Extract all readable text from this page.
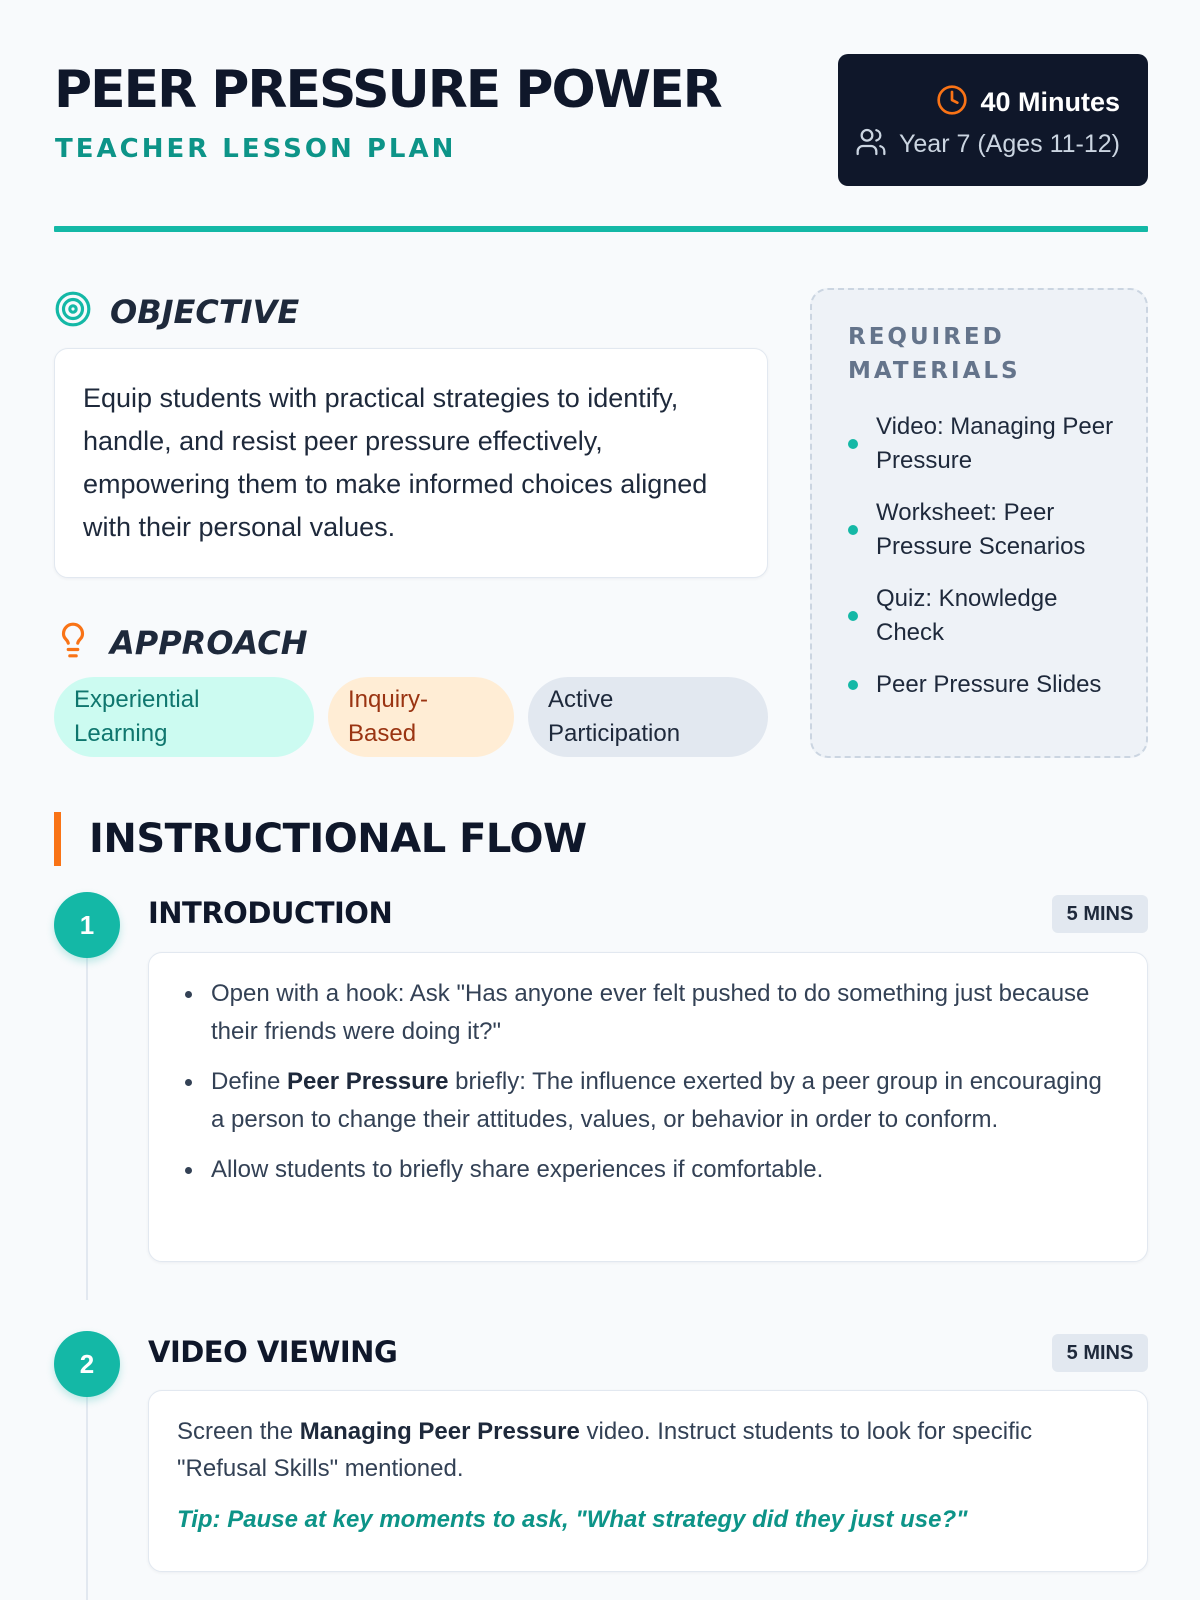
PEER PRESSURE POWER
TEACHER LESSON PLAN
40 Minutes
Year 7 (Ages 11-12)
OBJECTIVE

Equip students with practical strategies to identify, handle, and resist peer pressure effectively, empowering them to make informed choices aligned with their personal values.

APPROACH
Experiential Learning
Inquiry-Based
Active Participation
REQUIRED MATERIALS
Video: Managing Peer Pressure
Worksheet: Peer Pressure Scenarios
Quiz: Knowledge Check
Peer Pressure Slides
INSTRUCTIONAL FLOW
1	INTRODUCTION	5 MINS
Open with a hook: Ask "Has anyone ever felt pushed to do something just because their friends were doing it?"
Define Peer Pressure briefly: The influence exerted by a peer group in encouraging a person to change their attitudes, values, or behavior in order to conform.
Allow students to briefly share experiences if comfortable.
2	VIDEO VIEWING	5 MINS

Screen the Managing Peer Pressure video. Instruct students to look for specific "Refusal Skills" mentioned.

Tip: Pause at key moments to ask, "What strategy did they just use?"
